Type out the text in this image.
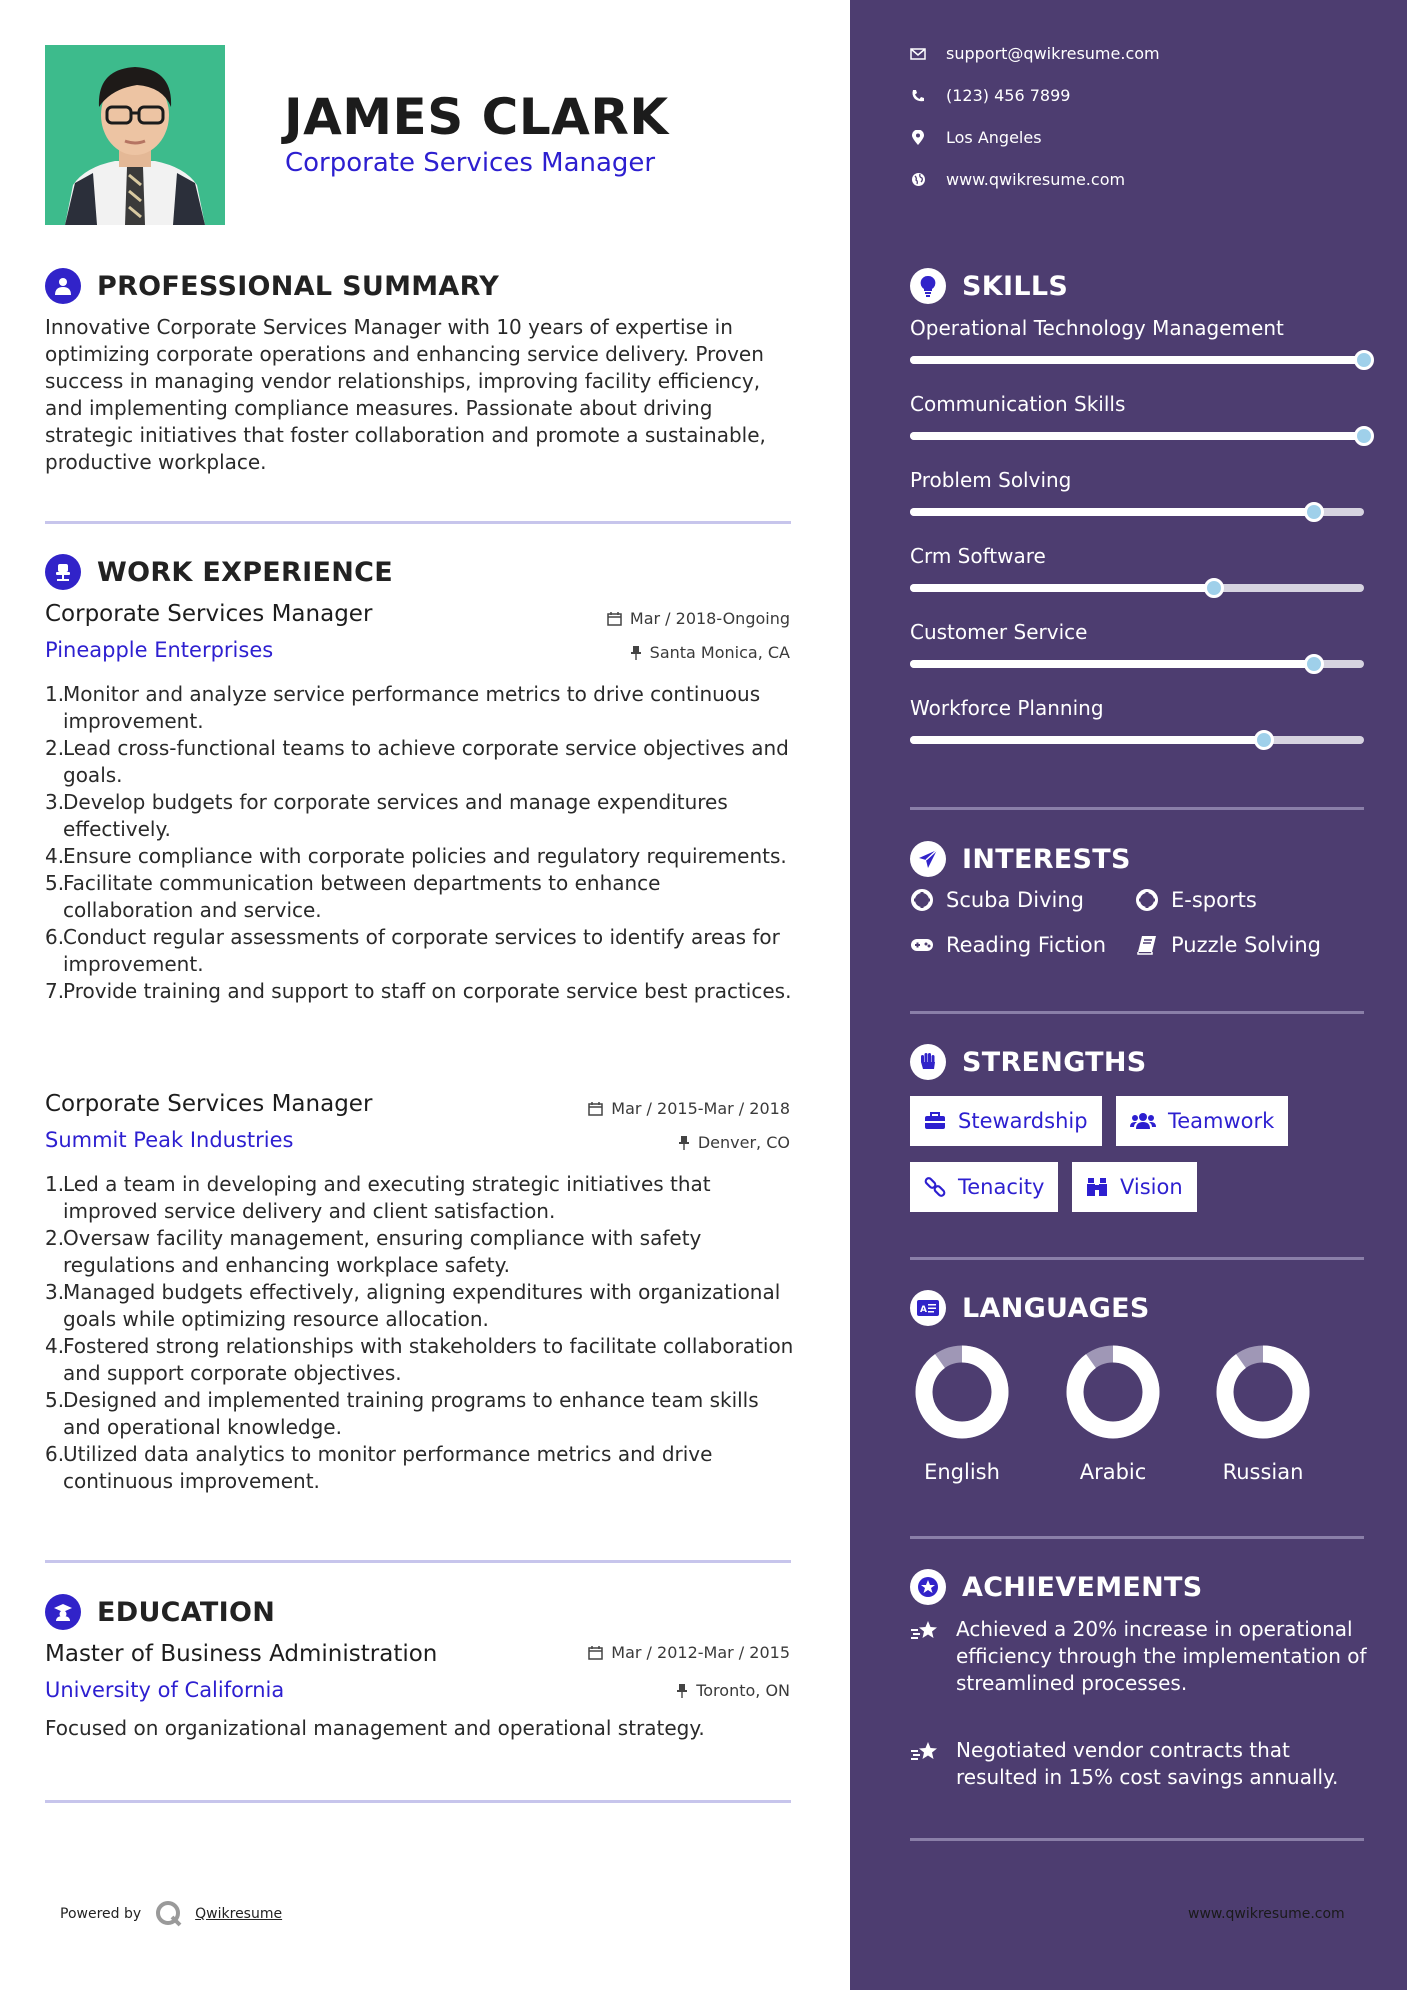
JAMES CLARK
Corporate Services Manager
PROFESSIONAL SUMMARY
Innovative Corporate Services Manager with 10 years of expertise in optimizing corporate operations and enhancing service delivery. Proven success in managing vendor relationships, improving facility efficiency, and implementing compliance measures. Passionate about driving strategic initiatives that foster collaboration and promote a sustainable, productive workplace.
WORK EXPERIENCE
Corporate Services Manager	Mar / 2018-Ongoing
Pineapple Enterprises	Santa Monica, CA
1.
Monitor and analyze service performance metrics to drive continuous improvement.
2.
Lead cross-functional teams to achieve corporate service objectives and goals.
3.
Develop budgets for corporate services and manage expenditures effectively.
4.
Ensure compliance with corporate policies and regulatory requirements.
5.
Facilitate communication between departments to enhance collaboration and service.
6.
Conduct regular assessments of corporate services to identify areas for improvement.
7.
Provide training and support to staff on corporate service best practices.
Corporate Services Manager	Mar / 2015-Mar / 2018
Summit Peak Industries	Denver, CO
1.
Led a team in developing and executing strategic initiatives that improved service delivery and client satisfaction.
2.
Oversaw facility management, ensuring compliance with safety regulations and enhancing workplace safety.
3.
Managed budgets effectively, aligning expenditures with organizational goals while optimizing resource allocation.
4.
Fostered strong relationships with stakeholders to facilitate collaboration and support corporate objectives.
5.
Designed and implemented training programs to enhance team skills and operational knowledge.
6.
Utilized data analytics to monitor performance metrics and drive continuous improvement.
EDUCATION
Master of Business Administration	Mar / 2012-Mar / 2015
University of California	Toronto, ON
Focused on organizational management and operational strategy.
Powered by	Qwikresume
support@qwikresume.com
(123) 456 7899
Los Angeles
www.qwikresume.com
SKILLS
Operational Technology Management
Communication Skills
Problem Solving
Crm Software
Customer Service
Workforce Planning
INTERESTS
Scuba Diving	E-sports
Reading Fiction	Puzzle Solving
STRENGTHS
Stewardship	Teamwork
Tenacity	Vision
A LANGUAGES
English	Arabic	Russian
ACHIEVEMENTS
Achieved a 20% increase in operational efficiency through the implementation of streamlined processes.
Negotiated vendor contracts that resulted in 15% cost savings annually.
www.qwikresume.com
